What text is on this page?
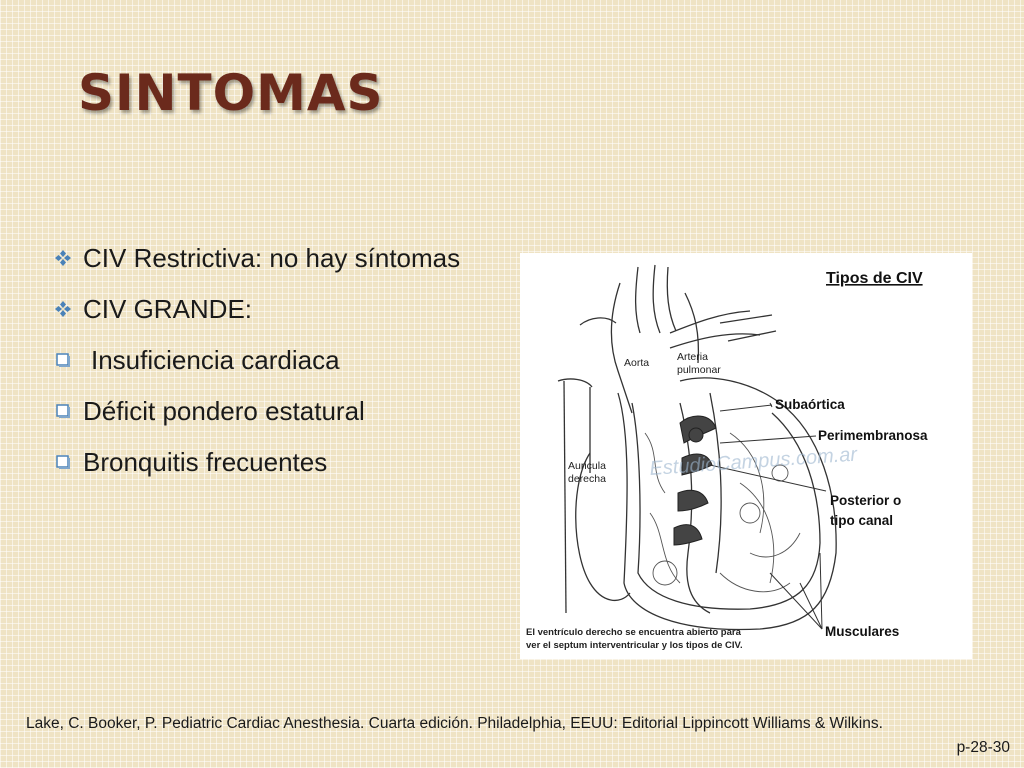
SINTOMAS
CIV Restrictiva: no hay síntomas
CIV GRANDE:
Insuficiencia cardiaca
Déficit pondero estatural
Bronquitis frecuentes
Tipos de CIV
Aorta	Arteria
pulmonar
Auricula
derecha
Subaórtica
Perimembranosa
Posterior o
tipo canal
Musculares
EstudioCampus.com.ar
El ventrículo derecho se encuentra abierto para
ver el septum interventricular y los tipos de CIV.
Lake, C. Booker, P. Pediatric Cardiac Anesthesia. Cuarta edición. Philadelphia, EEUU: Editorial Lippincott Williams & Wilkins.
p-28-30
